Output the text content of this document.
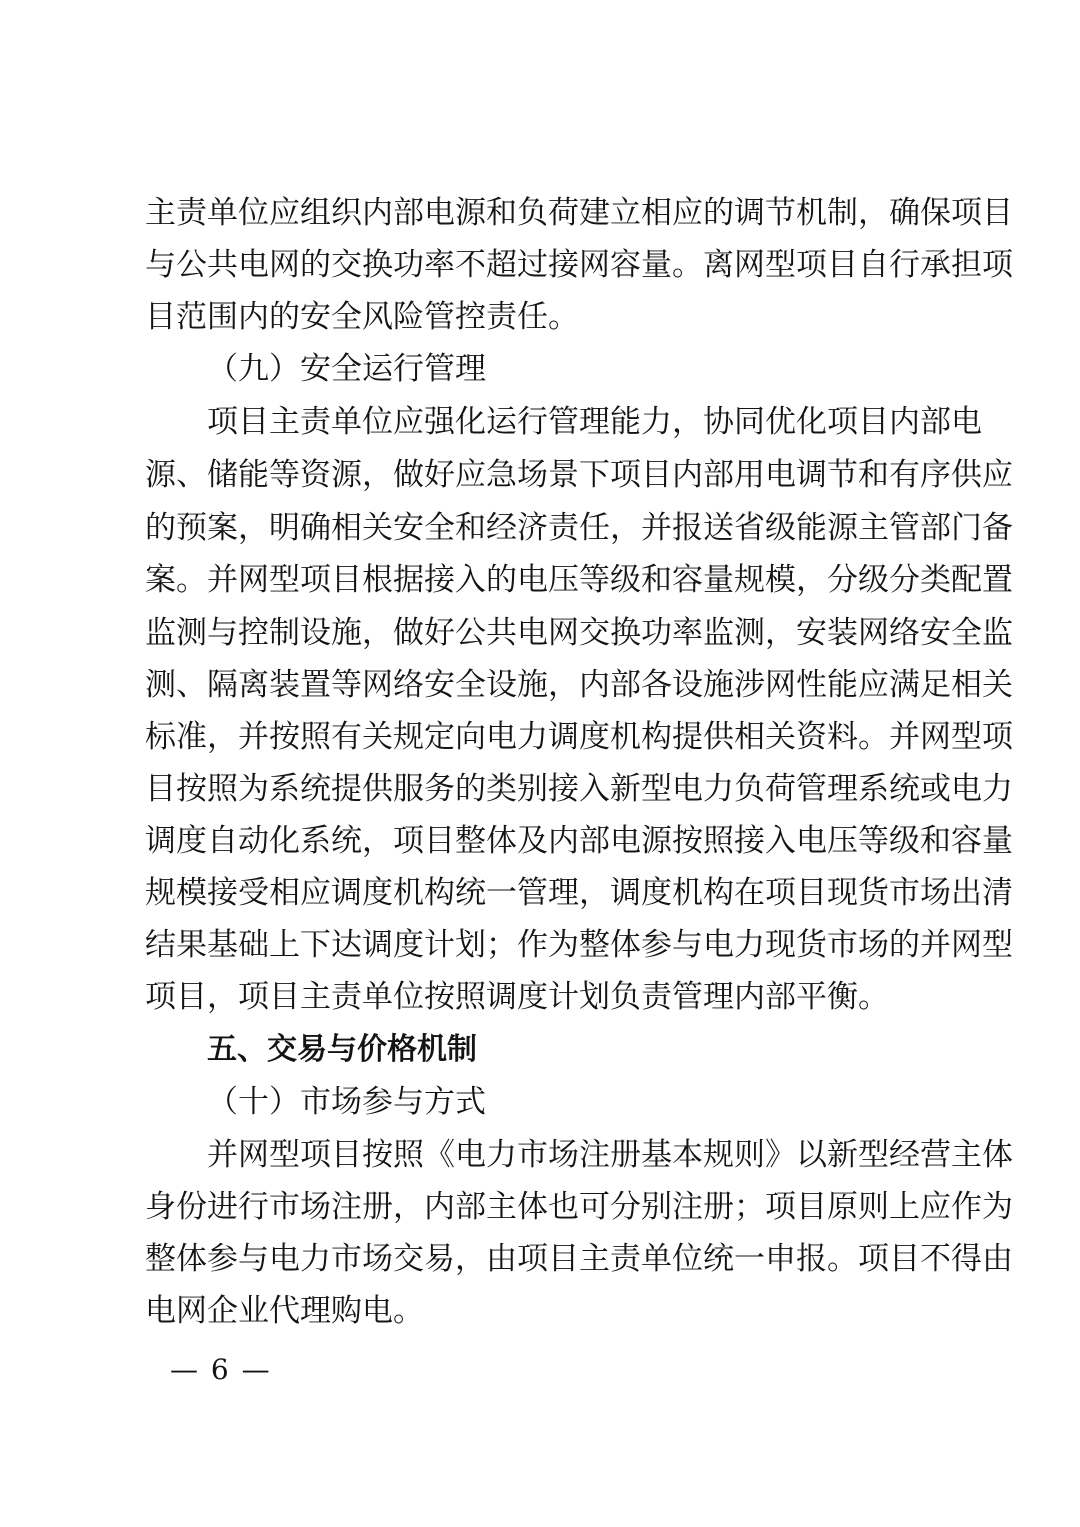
主责单位应组织内部电源和负荷建立相应的调节机制，确保项目
与公共电网的交换功率不超过接网容量。离网型项目自行承担项
目范围内的安全风险管控责任。
（九）安全运行管理
项目主责单位应强化运行管理能力，协同优化项目内部电
源、储能等资源，做好应急场景下项目内部用电调节和有序供应
的预案，明确相关安全和经济责任，并报送省级能源主管部门备
案。并网型项目根据接入的电压等级和容量规模，分级分类配置
监测与控制设施，做好公共电网交换功率监测，安装网络安全监
测、隔离装置等网络安全设施，内部各设施涉网性能应满足相关
标准，并按照有关规定向电力调度机构提供相关资料。并网型项
目按照为系统提供服务的类别接入新型电力负荷管理系统或电力
调度自动化系统，项目整体及内部电源按照接入电压等级和容量
规模接受相应调度机构统一管理，调度机构在项目现货市场出清
结果基础上下达调度计划；作为整体参与电力现货市场的并网型
项目，项目主责单位按照调度计划负责管理内部平衡。
五、交易与价格机制
（十）市场参与方式
并网型项目按照《电力市场注册基本规则》以新型经营主体
身份进行市场注册，内部主体也可分别注册；项目原则上应作为
整体参与电力市场交易，由项目主责单位统一申报。项目不得由
电网企业代理购电。
— 6 —
